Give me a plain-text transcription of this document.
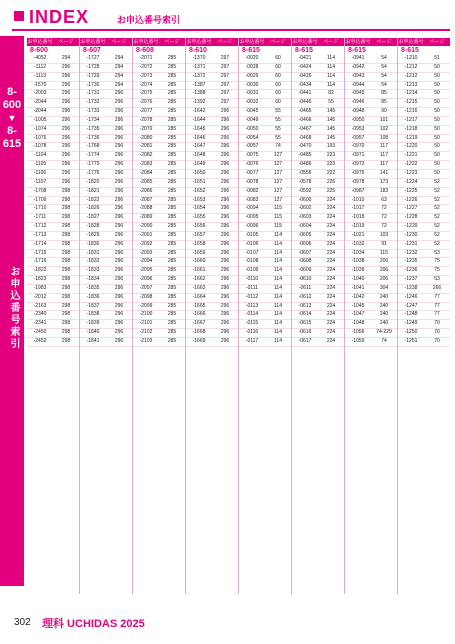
INDEX	お申込番号索引
8-600
▼
8-615
お申込番号索引
お申込番号	ページ
8-600
-4052	294
-1112	296
-1113	296
-1570	296
-2003	296
-2044	296
-2044	296
-1005	296
-1074	296
-1076	296
-1078	296
-1104	296
-1105	296
-1106	296
-1107	296
-1708	298
-1709	298
-1710	298
-1711	298
-1712	298
-1713	298
-1714	298
-1715	298
-1716	298
-1822	298
-1823	298
-1983	298
-2012	298
-2163	298
-2340	298
-2341	298
-2450	298
-2452	298
お申込番号	ページ
8-607
-1727	294
-1728	294
-1729	294
-1730	294
-1731	296
-1732	296
-1733	296
-1734	296
-1735	296
-1736	296
-1768	296
-1774	296
-1775	296
-1776	296
-1820	296
-1821	296
-1822	296
-1826	296
-1827	296
-1828	296
-1829	296
-1830	296
-1831	296
-1832	296
-1833	296
-1834	296
-1835	296
-1836	296
-1837	296
-1838	296
-1839	296
-1840	296
-1841	296
お申込番号	ページ
8-608
-2071	285
-2072	285
-2073	285
-2074	285
-2075	285
-2076	285
-2077	285
-2078	285
-2079	285
-2080	285
-2081	285
-2082	285
-2083	285
-2084	285
-2085	285
-2086	285
-2087	285
-2088	285
-2089	285
-2090	285
-2091	285
-2092	285
-2093	285
-2094	285
-2095	285
-2096	285
-2097	285
-2098	285
-2099	285
-2100	285
-2101	285
-2102	285
-2103	285
お申込番号	ページ
8-610
-1370	297
-1371	297
-1372	297
-1387	297
-1388	297
-1392	297
-1642	296
-1644	296
-1645	296
-1646	296
-1647	296
-1648	296
-1649	296
-1650	296
-1651	296
-1652	296
-1653	296
-1654	296
-1655	296
-1656	296
-1657	296
-1658	296
-1659	296
-1660	296
-1661	296
-1662	296
-1663	296
-1664	296
-1665	296
-1666	296
-1667	296
-1668	296
-1669	296
お申込番号	ページ
8-615
-0020	60
-0028	60
-0029	60
-0030	60
-0031	60
-0032	60
-0045	55
-0049	55
-0050	55
-0054	55
-0057	74
-0075	127
-0076	127
-0077	127
-0078	127
-0082	127
-0083	127
-0094	115
-0095	115
-0096	115
-0105	114
-0106	114
-0107	114
-0108	114
-0109	114
-0110	114
-0111	114
-0112	114
-0113	114
-0114	114
-0115	114
-0116	114
-0117	114
お申込番号	ページ
8-615
-0421	114
-0424	114
-0426	114
-0434	114
-0441	82
-0446	55
-0465	145
-0466	145
-0467	145
-0468	145
-0470	193
-0485	223
-0486	223
-0556	222
-0578	226
-0592	225
-0600	224
-0602	224
-0603	224
-0604	224
-0605	224
-0606	224
-0607	224
-0608	224
-0609	224
-0610	224
-0611	224
-0612	224
-0613	224
-0614	224
-0615	224
-0616	224
-0617	224
お申込番号	ページ
8-615
-0941	54
-0942	54
-0943	54
-0944	54
-0945	85
-0946	85
-0948	90
-0950	101
-0953	102
-0957	108
-0970	117
-0971	117
-0972	117
-0975	141
-0978	173
-0987	183
-1010	63
-1017	72
-1018	72
-1019	72
-1021	103
-1032	91
-1034	115
-1038	206
-1039	206
-1040	206
-1041	304
-1042	240
-1045	240
-1047	240
-1048	240
-1056	74-229
-1059	74
お申込番号	ページ
8-615
-1210	51
-1212	50
-1212	50
-1213	50
-1214	50
-1215	50
-1216	50
-1217	50
-1218	50
-1219	50
-1220	50
-1221	50
-1222	50
-1223	50
-1224	52
-1225	52
-1226	52
-1227	52
-1228	52
-1229	52
-1230	52
-1231	52
-1232	53
-1235	75
-1236	75
-1237	53
-1238	266
-1246	77
-1247	77
-1248	77
-1249	70
-1250	70
-1251	70
302 理科 UCHIDAS 2025
